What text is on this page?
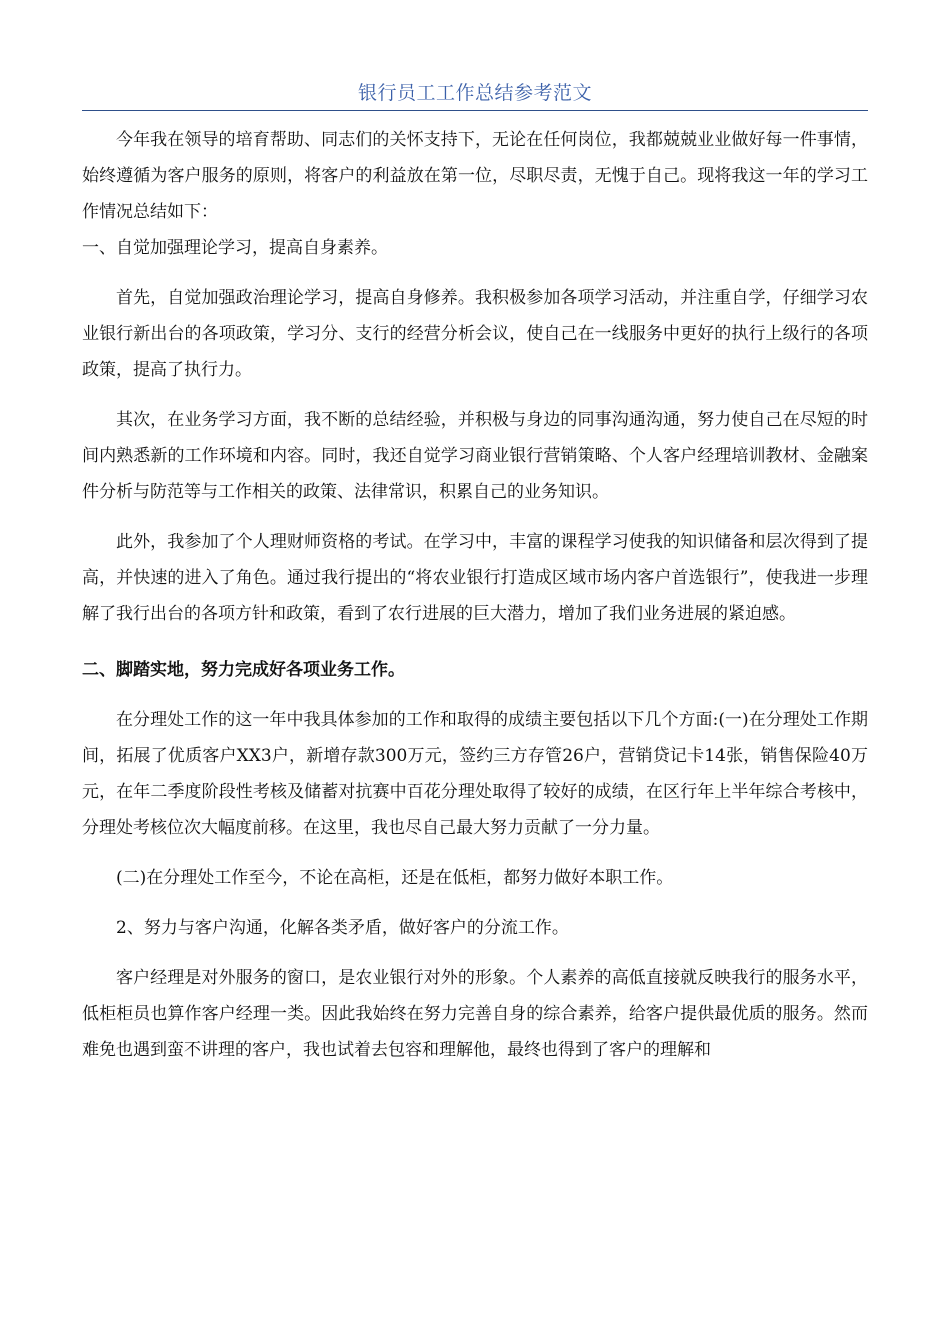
银行员工工作总结参考范文

今年我在领导的培育帮助、同志们的关怀支持下，无论在任何岗位，我都兢兢业业做好每一件事情，始终遵循为客户服务的原则，将客户的利益放在第一位，尽职尽责，无愧于自己。现将我这一年的学习工作情况总结如下：

一、自觉加强理论学习，提高自身素养。

首先，自觉加强政治理论学习，提高自身修养。我积极参加各项学习活动，并注重自学，仔细学习农业银行新出台的各项政策，学习分、支行的经营分析会议，使自己在一线服务中更好的执行上级行的各项政策，提高了执行力。

其次，在业务学习方面，我不断的总结经验，并积极与身边的同事沟通沟通，努力使自己在尽短的时间内熟悉新的工作环境和内容。同时，我还自觉学习商业银行营销策略、个人客户经理培训教材、金融案件分析与防范等与工作相关的政策、法律常识，积累自己的业务知识。

此外，我参加了个人理财师资格的考试。在学习中，丰富的课程学习使我的知识储备和层次得到了提高，并快速的进入了角色。通过我行提出的“将农业银行打造成区域市场内客户首选银行”，使我进一步理解了我行出台的各项方针和政策，看到了农行进展的巨大潜力，增加了我们业务进展的紧迫感。

二、脚踏实地，努力完成好各项业务工作。

在分理处工作的这一年中我具体参加的工作和取得的成绩主要包括以下几个方面:(一)在分理处工作期间，拓展了优质客户XX3户，新增存款300万元，签约三方存管26户，营销贷记卡14张，销售保险40万元，在年二季度阶段性考核及储蓄对抗赛中百花分理处取得了较好的成绩，在区行年上半年综合考核中，分理处考核位次大幅度前移。在这里，我也尽自己最大努力贡献了一分力量。

(二)在分理处工作至今，不论在高柜，还是在低柜，都努力做好本职工作。

2、努力与客户沟通，化解各类矛盾，做好客户的分流工作。

客户经理是对外服务的窗口，是农业银行对外的形象。个人素养的高低直接就反映我行的服务水平，低柜柜员也算作客户经理一类。因此我始终在努力完善自身的综合素养，给客户提供最优质的服务。然而难免也遇到蛮不讲理的客户，我也试着去包容和理解他，最终也得到了客户的理解和
